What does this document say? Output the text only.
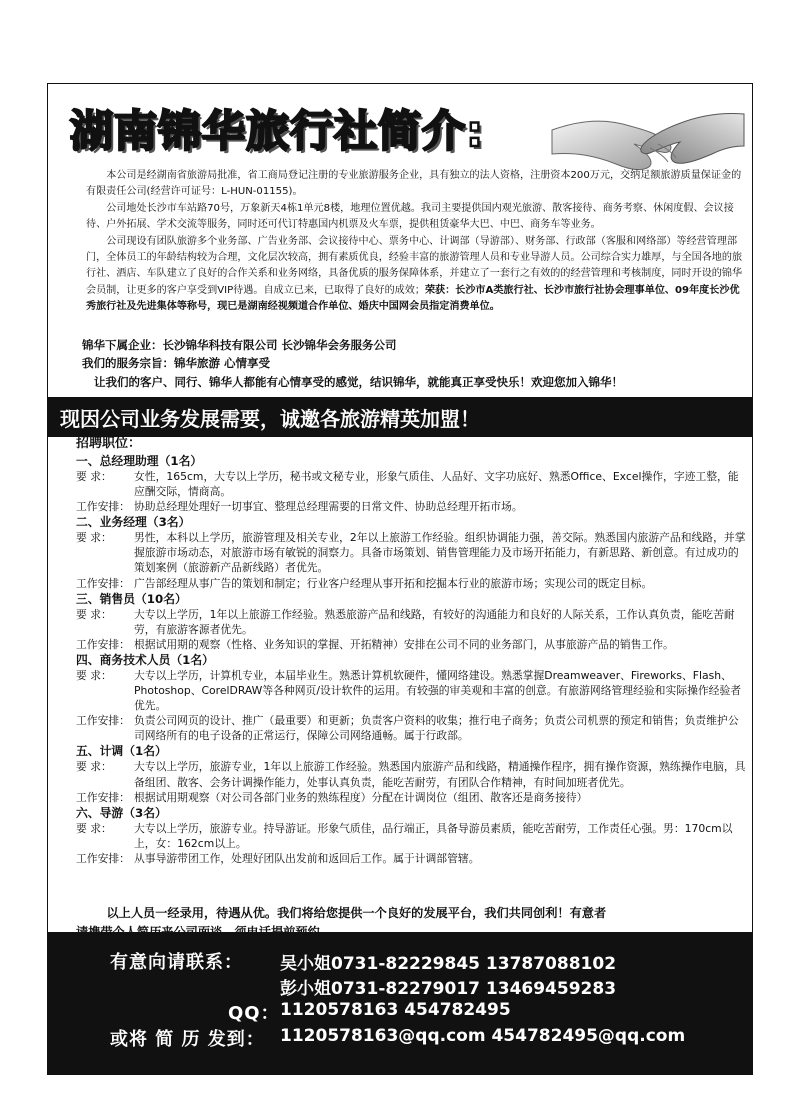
湖南锦华旅行社简介:

本公司是经湖南省旅游局批准，省工商局登记注册的专业旅游服务企业，具有独立的法人资格，注册资本200万元，交纳足额旅游质量保证金的有限责任公司(经营许可证号：L-HUN-01155)。

公司地处长沙市车站路70号，万象新天4栋1单元8楼，地理位置优越。我司主要提供国内观光旅游、散客接待、商务考察、休闲度假、会议接待、户外拓展、学术交流等服务，同时还可代订特惠国内机票及火车票，提供租赁豪华大巴、中巴、商务车等业务。

公司现设有团队旅游多个业务部、广告业务部、会议接待中心、票务中心、计调部（导游部）、财务部、行政部（客服和网络部）等经营管理部门，全体员工的年龄结构较为合理，文化层次较高，拥有素质优良，经验丰富的旅游管理人员和专业导游人员。公司综合实力雄厚，与全国各地的旅行社、酒店、车队建立了良好的合作关系和业务网络，具备优质的服务保障体系，并建立了一套行之有效的的经营管理和考核制度，同时开设的锦华会员制，让更多的客户享受到VIP待遇。自成立已来，已取得了良好的成效；荣获：长沙市A类旅行社、长沙市旅行社协会理事单位、09年度长沙优秀旅行社及先进集体等称号，现已是湖南经视频道合作单位、婚庆中国网会员指定消费单位。

锦华下属企业：长沙锦华科技有限公司 长沙锦华会务服务公司
我们的服务宗旨：锦华旅游 心情享受
让我们的客户、同行、锦华人都能有心情享受的感觉，结识锦华，就能真正享受快乐！欢迎您加入锦华！
现因公司业务发展需要，诚邀各旅游精英加盟！

招聘职位：

一、总经理助理（1名）

要 求：	女性，165cm，大专以上学历，秘书或文秘专业，形象气质佳、人品好、文字功底好、熟悉Office、Excel操作，字迹工整，能应酬交际，情商高。
工作安排： 协助总经理处理好一切事宜、整理总经理需要的日常文件、协助总经理开拓市场。

二、业务经理（3名）

要 求：	男性，本科以上学历，旅游管理及相关专业，2年以上旅游工作经验。组织协调能力强，善交际。熟悉国内旅游产品和线路，并掌握旅游市场动态，对旅游市场有敏锐的洞察力。具备市场策划、销售管理能力及市场开拓能力，有新思路、新创意。有过成功的策划案例（旅游新产品新线路）者优先。
工作安排： 广告部经理从事广告的策划和制定；行业客户经理从事开拓和挖掘本行业的旅游市场；实现公司的既定目标。

三、销售员（10名）

要 求：	大专以上学历，1年以上旅游工作经验。熟悉旅游产品和线路，有较好的沟通能力和良好的人际关系，工作认真负责，能吃苦耐劳，有旅游客源者优先。
工作安排： 根据试用期的观察（性格、业务知识的掌握、开拓精神）安排在公司不同的业务部门，从事旅游产品的销售工作。

四、商务技术人员（1名）

要 求：	大专以上学历，计算机专业，本届毕业生。熟悉计算机软硬件，懂网络建设。熟悉掌握Dreamweaver、Fireworks、Flash、Photoshop、CorelDRAW等各种网页/设计软件的运用。有较强的审美观和丰富的创意。有旅游网络管理经验和实际操作经验者优先。
工作安排： 负责公司网页的设计、推广（最重要）和更新；负责客户资料的收集；推行电子商务；负责公司机票的预定和销售；负责维护公司网络所有的电子设备的正常运行，保障公司网络通畅。属于行政部。

五、计调（1名）

要 求：	大专以上学历，旅游专业，1年以上旅游工作经验。熟悉国内旅游产品和线路，精通操作程序，拥有操作资源，熟练操作电脑，具备组团、散客、会务计调操作能力，处事认真负责，能吃苦耐劳，有团队合作精神，有时间加班者优先。
工作安排： 根据试用期观察（对公司各部门业务的熟练程度）分配在计调岗位（组团、散客还是商务接待）

六、导游（3名）

要 求：	大专以上学历，旅游专业。持导游证。形象气质佳，品行端正，具备导游员素质，能吃苦耐劳，工作责任心强。男：170cm以上，女：162cm以上。
工作安排： 从事导游带团工作，处理好团队出发前和返回后工作。属于计调部管辖。

以上人员一经录用，待遇从优。我们将给您提供一个良好的发展平台，我们共同创利！有意者

有意向请联系： 吴小姐0731-82229845 13787088102
彭小姐0731-82279017 13469459283
QQ： 1120578163 454782495
或将 简 历 发到： 1120578163@qq.com 454782495@qq.com
